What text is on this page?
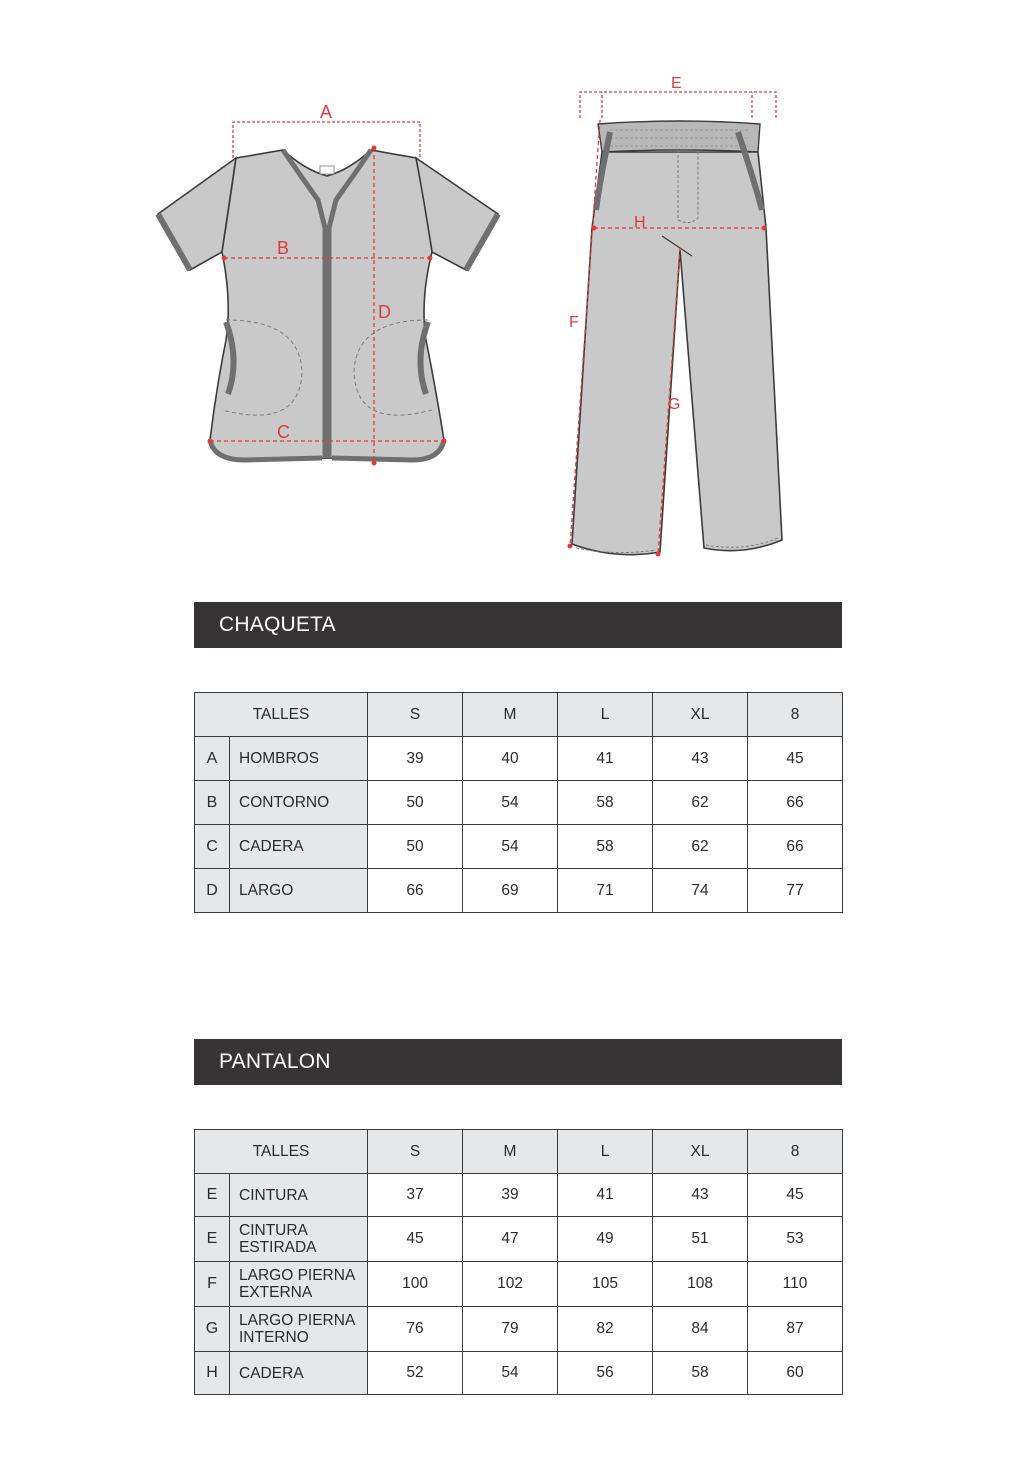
A
B
C
D
E
H
F
G
CHAQUETA
TALLES		S	M	L	XL	8
A	HOMBROS	39	40	41	43	45
B	CONTORNO	50	54	58	62	66
C	CADERA	50	54	58	62	66
D	LARGO	66	69	71	74	77
PANTALON
TALLES		S	M	L	XL	8
E	CINTURA	37	39	41	43	45
E	CINTURA ESTIRADA	45	47	49	51	53
F	LARGO PIERNA EXTERNA	100	102	105	108	110
G	LARGO PIERNA INTERNO	76	79	82	84	87
H	CADERA	52	54	56	58	60
